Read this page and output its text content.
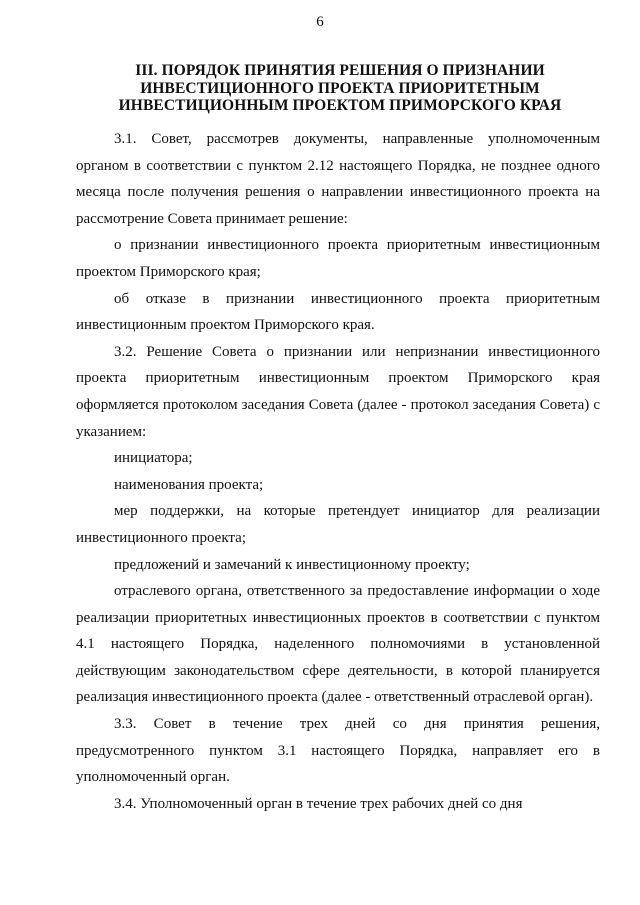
6
III. ПОРЯДОК ПРИНЯТИЯ РЕШЕНИЯ О ПРИЗНАНИИ
ИНВЕСТИЦИОННОГО ПРОЕКТА ПРИОРИТЕТНЫМ
ИНВЕСТИЦИОННЫМ ПРОЕКТОМ ПРИМОРСКОГО КРАЯ

3.1. Совет, рассмотрев документы, направленные уполномоченным органом в соответствии с пунктом 2.12 настоящего Порядка, не позднее одного месяца после получения решения о направлении инвестиционного проекта на рассмотрение Совета принимает решение:

о признании инвестиционного проекта приоритетным инвестиционным проектом Приморского края;

об отказе в признании инвестиционного проекта приоритетным инвестиционным проектом Приморского края.

3.2. Решение Совета о признании или непризнании инвестиционного проекта приоритетным инвестиционным проектом Приморского края оформляется протоколом заседания Совета (далее - протокол заседания Совета) с указанием:

инициатора;

наименования проекта;

мер поддержки, на которые претендует инициатор для реализации инвестиционного проекта;

предложений и замечаний к инвестиционному проекту;

отраслевого органа, ответственного за предоставление информации о ходе реализации приоритетных инвестиционных проектов в соответствии с пунктом 4.1 настоящего Порядка, наделенного полномочиями в установленной действующим законодательством сфере деятельности, в которой планируется реализация инвестиционного проекта (далее - ответственный отраслевой орган).

3.3. Совет в течение трех дней со дня принятия решения, предусмотренного пунктом 3.1 настоящего Порядка, направляет его в уполномоченный орган.

3.4. Уполномоченный орган в течение трех рабочих дней со дня
